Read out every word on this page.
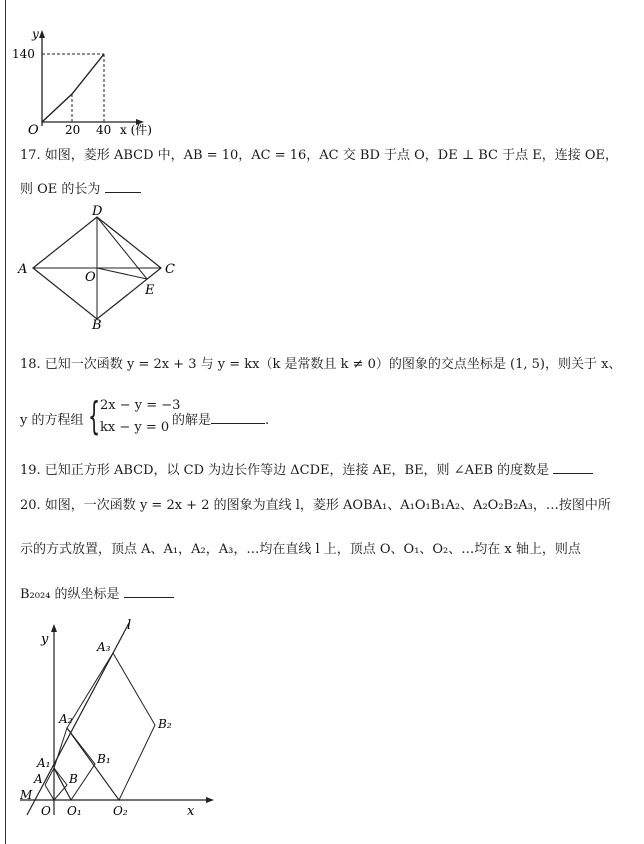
y
140
O 20 40 x (件)
17. 如图，菱形 ABCD 中，AB = 10，AC = 16，AC 交 BD 于点 O，DE ⊥ BC 于点 E，连接 OE，
则 OE 的长为
D
A
O
C
E
B
18. 已知一次函数 y = 2x + 3 与 y = kx（k 是常数且 k ≠ 0）的图象的交点坐标是 (1, 5)，则关于 x、
y 的方程组 { 2x − y = −3
kx − y = 0 的解是	.
19. 已知正方形 ABCD，以 CD 为边长作等边 ΔCDE，连接 AE，BE，则 ∠AEB 的度数是
20. 如图，一次函数 y = 2x + 2 的图象为直线 l，菱形 AOBA₁、A₁O₁B₁A₂、A₂O₂B₂A₃，…按图中所
示的方式放置，顶点 A、A₁，A₂，A₃，…均在直线 l 上，顶点 O、O₁、O₂、…均在 x 轴上，则点
B₂₀₂₄ 的纵坐标是
y
l
A₃
A₂	B₂
A₁	B₁
A B
M
O O₁	O₂	x
